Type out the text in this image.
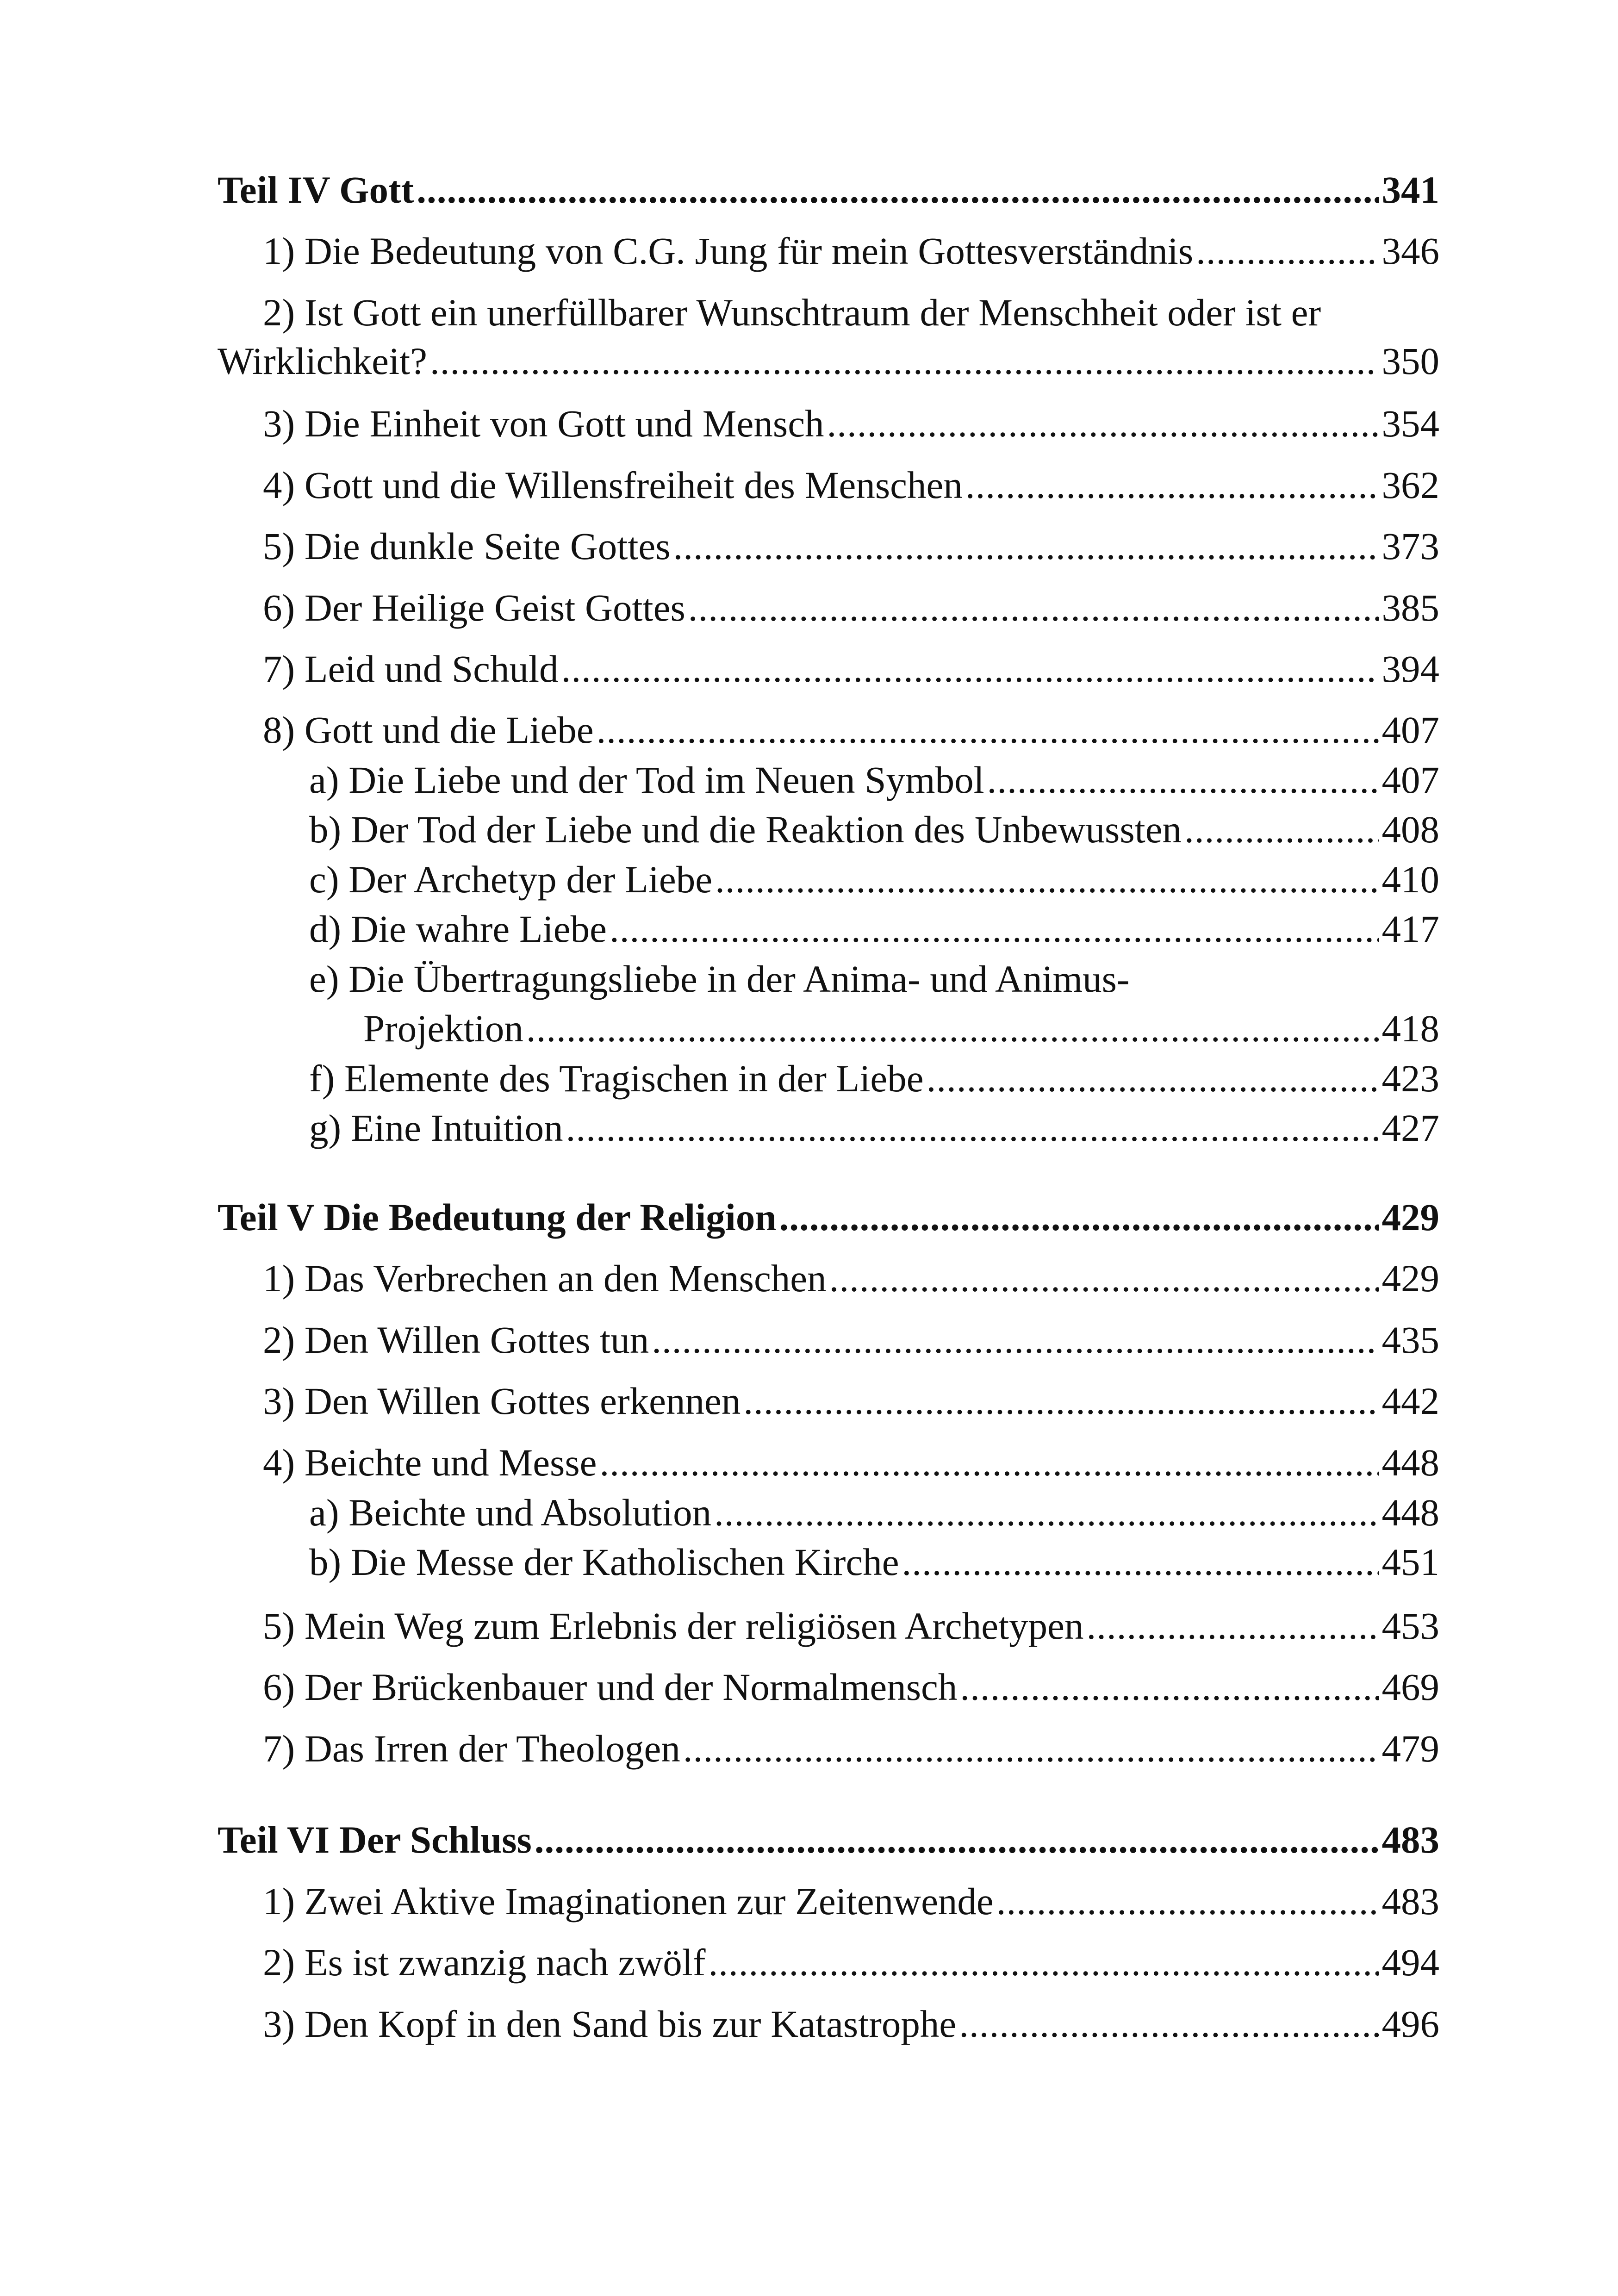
Teil IV Gott .....	341
1) Die Bedeutung von C.G. Jung für mein Gottesverständnis .....	346
2) Ist Gott ein unerfüllbarer Wunschtraum der Menschheit oder ist er
Wirklichkeit? .....	350
3) Die Einheit von Gott und Mensch .....	354
4) Gott und die Willensfreiheit des Menschen .....	362
5) Die dunkle Seite Gottes .....	373
6) Der Heilige Geist Gottes .....	385
7) Leid und Schuld .....	394
8) Gott und die Liebe .....	407
a) Die Liebe und der Tod im Neuen Symbol .....	407
b) Der Tod der Liebe und die Reaktion des Unbewussten .....	408
c) Der Archetyp der Liebe .....	410
d) Die wahre Liebe .....	417
e) Die Übertragungsliebe in der Anima- und Animus-
Projektion .....	418
f) Elemente des Tragischen in der Liebe .....	423
g) Eine Intuition .....	427
Teil V Die Bedeutung der Religion .....	429
1) Das Verbrechen an den Menschen .....	429
2) Den Willen Gottes tun .....	435
3) Den Willen Gottes erkennen .....	442
4) Beichte und Messe .....	448
a) Beichte und Absolution .....	448
b) Die Messe der Katholischen Kirche .....	451
5) Mein Weg zum Erlebnis der religiösen Archetypen .....	453
6) Der Brückenbauer und der Normalmensch .....	469
7) Das Irren der Theologen .....	479
Teil VI Der Schluss .....	483
1) Zwei Aktive Imaginationen zur Zeitenwende .....	483
2) Es ist zwanzig nach zwölf .....	494
3) Den Kopf in den Sand bis zur Katastrophe .....	496
